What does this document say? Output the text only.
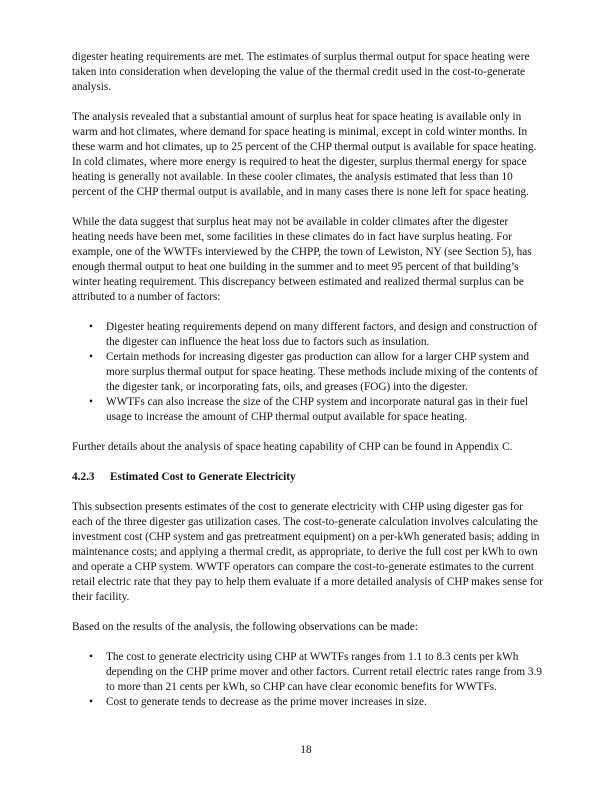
digester heating requirements are met. The estimates of surplus thermal output for space heating were taken into consideration when developing the value of the thermal credit used in the cost-to-generate analysis.

The analysis revealed that a substantial amount of surplus heat for space heating is available only in warm and hot climates, where demand for space heating is minimal, except in cold winter months. In these warm and hot climates, up to 25 percent of the CHP thermal output is available for space heating. In cold climates, where more energy is required to heat the digester, surplus thermal energy for space heating is generally not available. In these cooler climates, the analysis estimated that less than 10 percent of the CHP thermal output is available, and in many cases there is none left for space heating.

While the data suggest that surplus heat may not be available in colder climates after the digester heating needs have been met, some facilities in these climates do in fact have surplus heating. For example, one of the WWTFs interviewed by the CHPP, the town of Lewiston, NY (see Section 5), has enough thermal output to heat one building in the summer and to meet 95 percent of that building’s winter heating requirement. This discrepancy between estimated and realized thermal surplus can be attributed to a number of factors:

• Digester heating requirements depend on many different factors, and design and construction of the digester can influence the heat loss due to factors such as insulation.
• Certain methods for increasing digester gas production can allow for a larger CHP system and more surplus thermal output for space heating. These methods include mixing of the contents of the digester tank, or incorporating fats, oils, and greases (FOG) into the digester.
• WWTFs can also increase the size of the CHP system and incorporate natural gas in their fuel usage to increase the amount of CHP thermal output available for space heating.

Further details about the analysis of space heating capability of CHP can be found in Appendix C.

4.2.3 Estimated Cost to Generate Electricity

This subsection presents estimates of the cost to generate electricity with CHP using digester gas for each of the three digester gas utilization cases. The cost-to-generate calculation involves calculating the investment cost (CHP system and gas pretreatment equipment) on a per-kWh generated basis; adding in maintenance costs; and applying a thermal credit, as appropriate, to derive the full cost per kWh to own and operate a CHP system. WWTF operators can compare the cost-to-generate estimates to the current retail electric rate that they pay to help them evaluate if a more detailed analysis of CHP makes sense for their facility.

Based on the results of the analysis, the following observations can be made:

• The cost to generate electricity using CHP at WWTFs ranges from 1.1 to 8.3 cents per kWh depending on the CHP prime mover and other factors. Current retail electric rates range from 3.9 to more than 21 cents per kWh, so CHP can have clear economic benefits for WWTFs.
• Cost to generate tends to decrease as the prime mover increases in size.
18
